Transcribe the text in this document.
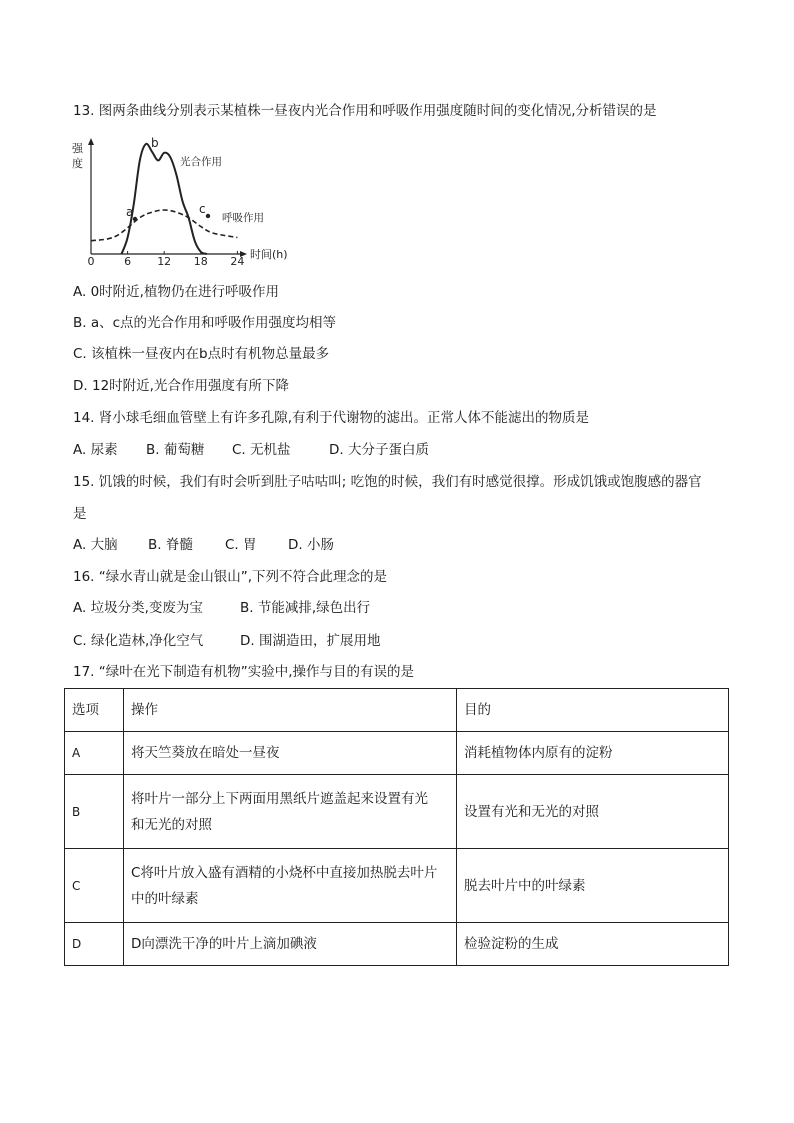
13. 图两条曲线分别表示某植株一昼夜内光合作用和呼吸作用强度随时间的变化情况,分析错误的是
强
度
时间(h)
0	6 12 18 24
a
b
c
光合作用
呼吸作用
A. 0时附近,植物仍在进行呼吸作用
B. a、c点的光合作用和呼吸作用强度均相等
C. 该植株一昼夜内在b点时有机物总量最多
D. 12时附近,光合作用强度有所下降
14. 肾小球毛细血管壁上有许多孔隙,有利于代谢物的滤出。正常人体不能滤出的物质是
A. 尿素 B. 葡萄糖 C. 无机盐	D. 大分子蛋白质
15. 饥饿的时候，我们有时会听到肚子咕咕叫; 吃饱的时候，我们有时感觉很撑。形成饥饿或饱腹感的器官
是
A. 大脑 B. 脊髓 C. 胃 D. 小肠
16. “绿水青山就是金山银山”,下列不符合此理念的是
A. 垃圾分类,变废为宝	B. 节能减排,绿色出行
C. 绿化造林,净化空气	D. 围湖造田，扩展用地
17. “绿叶在光下制造有机物”实验中,操作与目的有误的是
选项	操作	目的
A	将天竺葵放在暗处一昼夜	消耗植物体内原有的淀粉
B	将叶片一部分上下两面用黑纸片遮盖起来设置有光
和无光的对照	设置有光和无光的对照
C	C将叶片放入盛有酒精的小烧杯中直接加热脱去叶片
中的叶绿素	脱去叶片中的叶绿素
D	D向漂洗干净的叶片上滴加碘液	检验淀粉的生成
